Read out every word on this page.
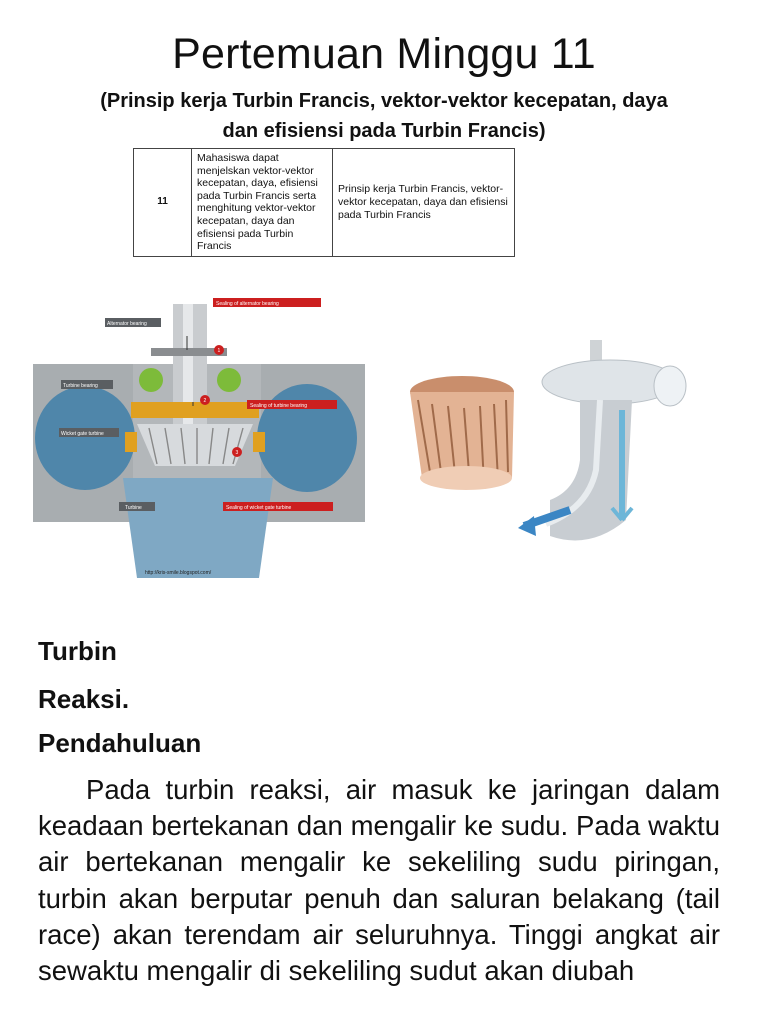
Pertemuan Minggu 11
(Prinsip kerja Turbin Francis, vektor-vektor kecepatan, daya
dan efisiensi pada Turbin Francis)
11	Mahasiswa dapat menjelskan vektor-vektor kecepatan, daya, efisiensi pada Turbin Francis serta menghitung vektor-vektor kecepatan, daya dan efisiensi pada Turbin Francis	Prinsip kerja Turbin Francis, vektor-vektor kecepatan, daya dan efisiensi pada Turbin Francis
Alternator bearing
Sealing of alternator bearing
Turbine bearing
Sealing of turbine bearing
Wicket gate turbine
Turbine	Sealing of wicket gate turbine
1
2
3
http://kris-smile.blogspot.com/
Turbin
Reaksi.
Pendahuluan

Pada turbin reaksi, air masuk ke jaringan dalam keadaan bertekanan dan mengalir ke sudu. Pada waktu air bertekanan mengalir ke sekeliling sudu piringan, turbin akan berputar penuh dan saluran belakang (tail race) akan terendam air seluruhnya. Tinggi angkat air sewaktu mengalir di sekeliling sudut akan diubah
